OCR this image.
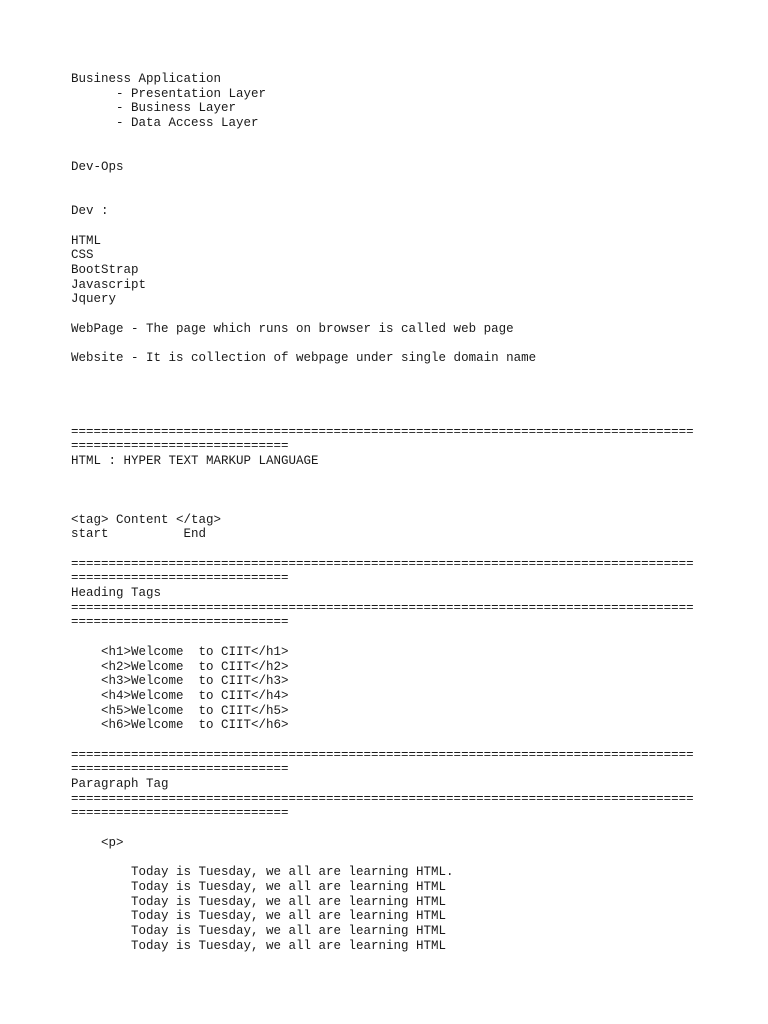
Business Application
- Presentation Layer
- Business Layer
- Data Access Layer
Dev-Ops
Dev :
HTML
CSS
BootStrap
Javascript
Jquery
WebPage - The page which runs on browser is called web page
Website - It is collection of webpage under single domain name
===================================================================================
=============================
HTML : HYPER TEXT MARKUP LANGUAGE
<tag> Content </tag>
start          End
===================================================================================
=============================
Heading Tags
===================================================================================
=============================
<h1>Welcome  to CIIT</h1>
<h2>Welcome  to CIIT</h2>
<h3>Welcome  to CIIT</h3>
<h4>Welcome  to CIIT</h4>
<h5>Welcome  to CIIT</h5>
<h6>Welcome  to CIIT</h6>
===================================================================================
=============================
Paragraph Tag
===================================================================================
=============================
<p>
Today is Tuesday, we all are learning HTML.
Today is Tuesday, we all are learning HTML
Today is Tuesday, we all are learning HTML
Today is Tuesday, we all are learning HTML
Today is Tuesday, we all are learning HTML
Today is Tuesday, we all are learning HTML
